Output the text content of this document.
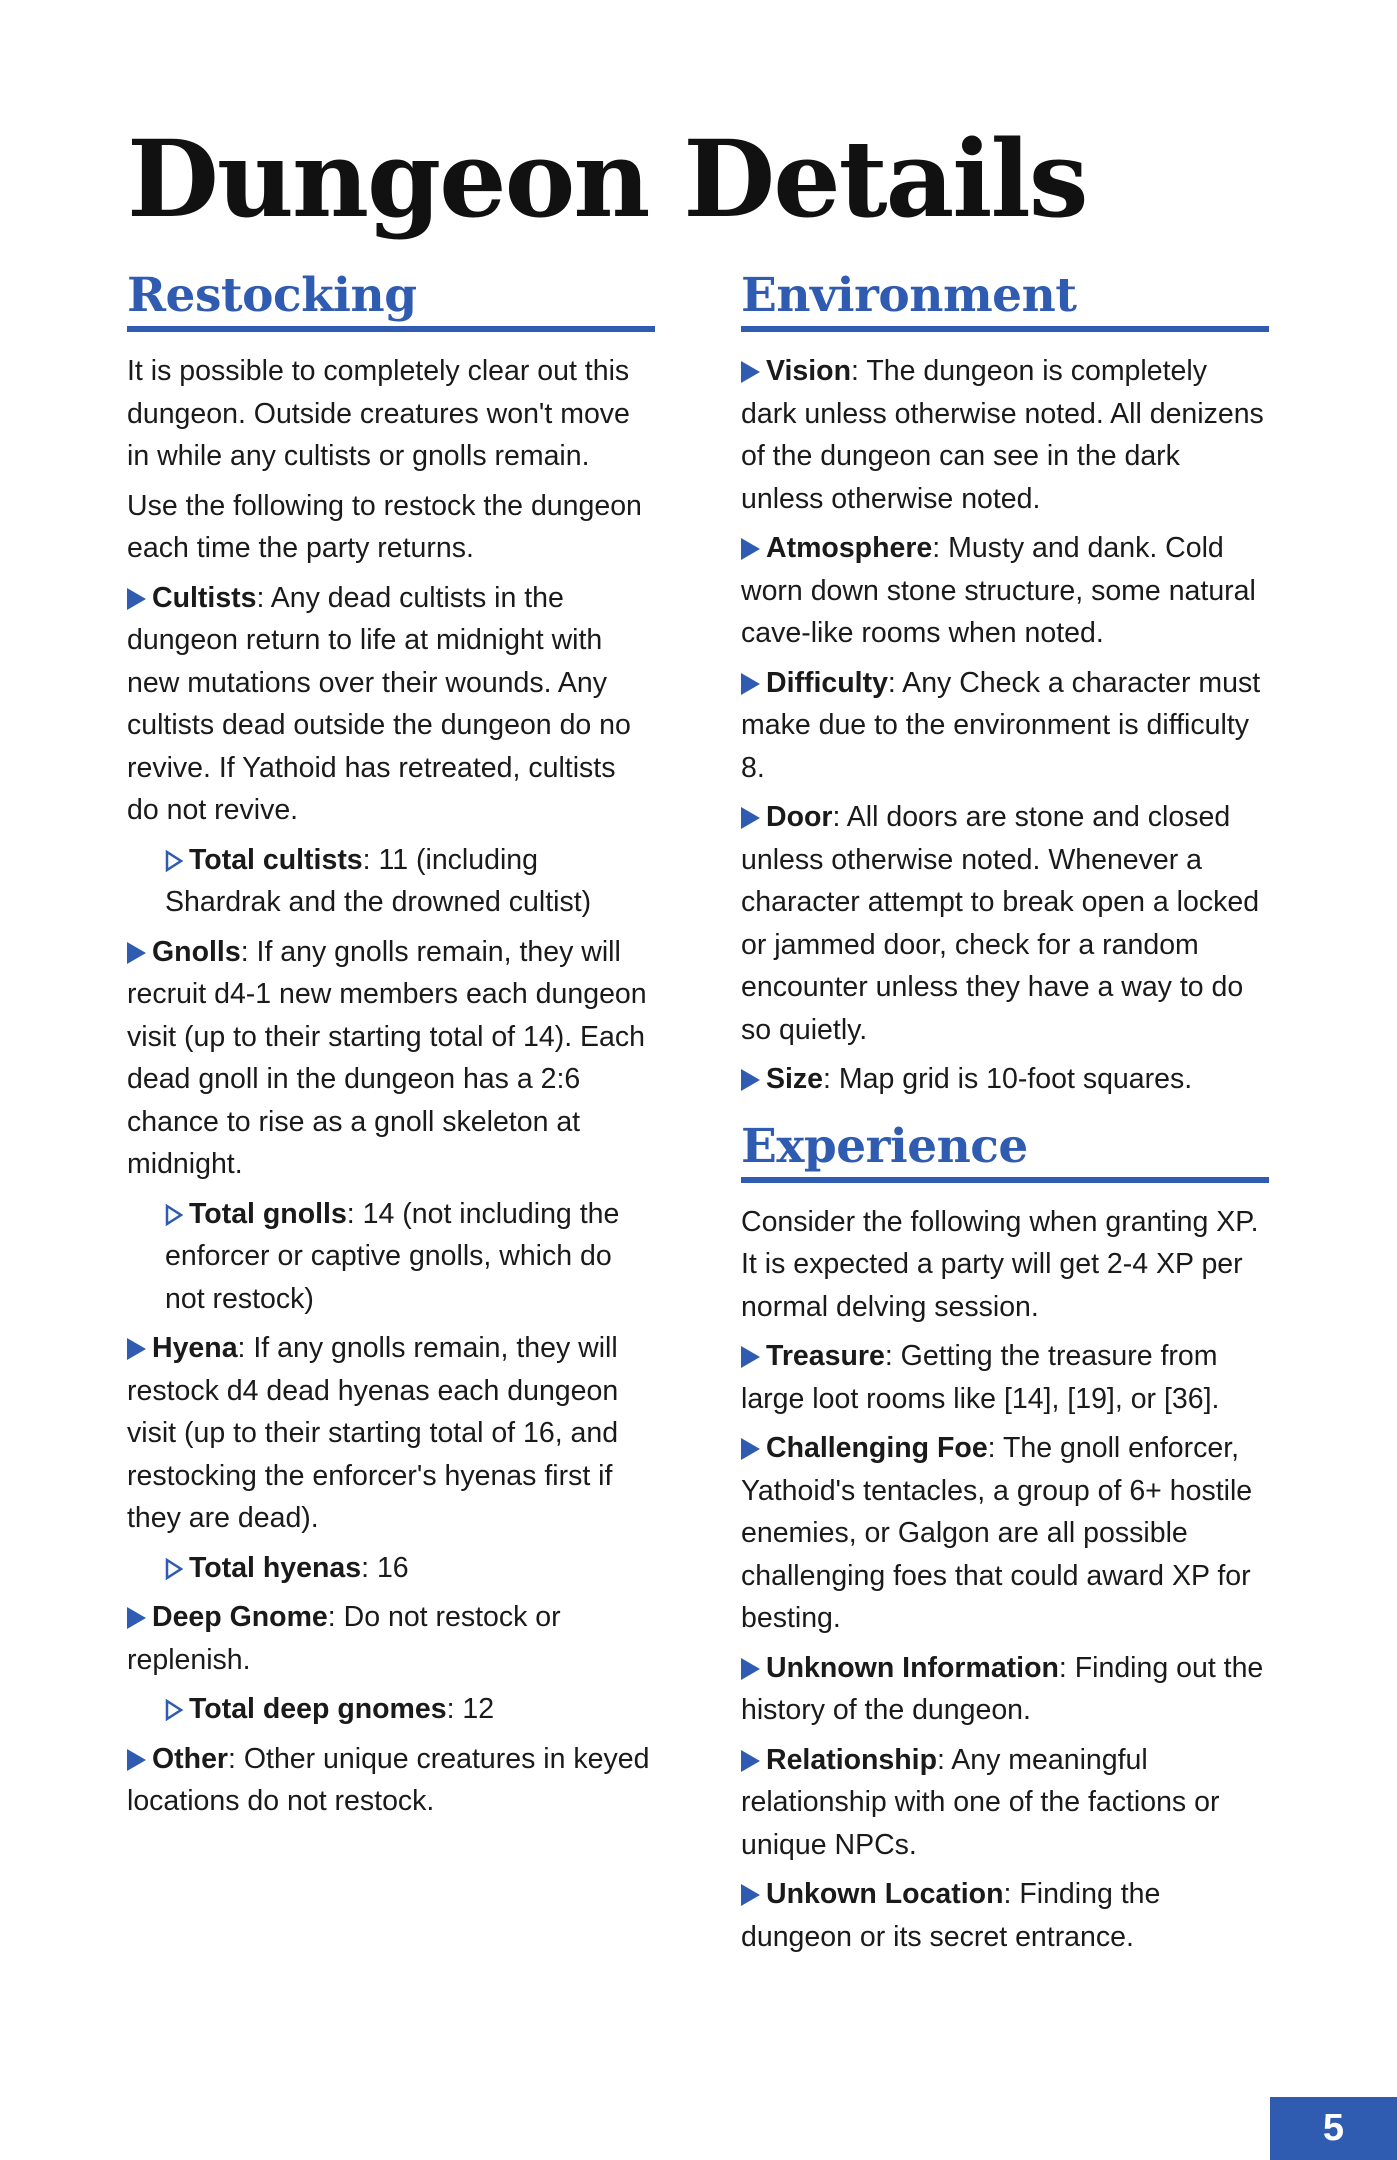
Dungeon Details
Restocking

It is possible to completely clear out this dungeon. Outside creatures won't move in while any cultists or gnolls remain.

Use the following to restock the dungeon each time the party returns.

Cultists: Any dead cultists in the dungeon return to life at midnight with new mutations over their wounds. Any cultists dead outside the dungeon do no revive. If Yathoid has retreated, cultists do not revive.

Total cultists: 11 (including Shardrak and the drowned cultist)

Gnolls: If any gnolls remain, they will recruit d4-1 new members each dungeon visit (up to their starting total of 14). Each dead gnoll in the dungeon has a 2:6 chance to rise as a gnoll skeleton at midnight.

Total gnolls: 14 (not including the enforcer or captive gnolls, which do not restock)

Hyena: If any gnolls remain, they will restock d4 dead hyenas each dungeon visit (up to their starting total of 16, and restocking the enforcer's hyenas first if they are dead).

Total hyenas: 16

Deep Gnome: Do not restock or replenish.

Total deep gnomes: 12

Other: Other unique creatures in keyed locations do not restock.

Environment

Vision: The dungeon is completely dark unless otherwise noted. All denizens of the dungeon can see in the dark unless otherwise noted.

Atmosphere: Musty and dank. Cold worn down stone structure, some natural cave-like rooms when noted.

Difficulty: Any Check a character must make due to the environment is difficulty 8.

Door: All doors are stone and closed unless otherwise noted. Whenever a character attempt to break open a locked or jammed door, check for a random encounter unless they have a way to do so quietly.

Size: Map grid is 10-foot squares.

Experience

Consider the following when granting XP. It is expected a party will get 2-4 XP per normal delving session.

Treasure: Getting the treasure from large loot rooms like [14], [19], or [36].

Challenging Foe: The gnoll enforcer, Yathoid's tentacles, a group of 6+ hostile enemies, or Galgon are all possible challenging foes that could award XP for besting.

Unknown Information: Finding out the history of the dungeon.

Relationship: Any meaningful relationship with one of the factions or unique NPCs.

Unkown Location: Finding the dungeon or its secret entrance.

5
